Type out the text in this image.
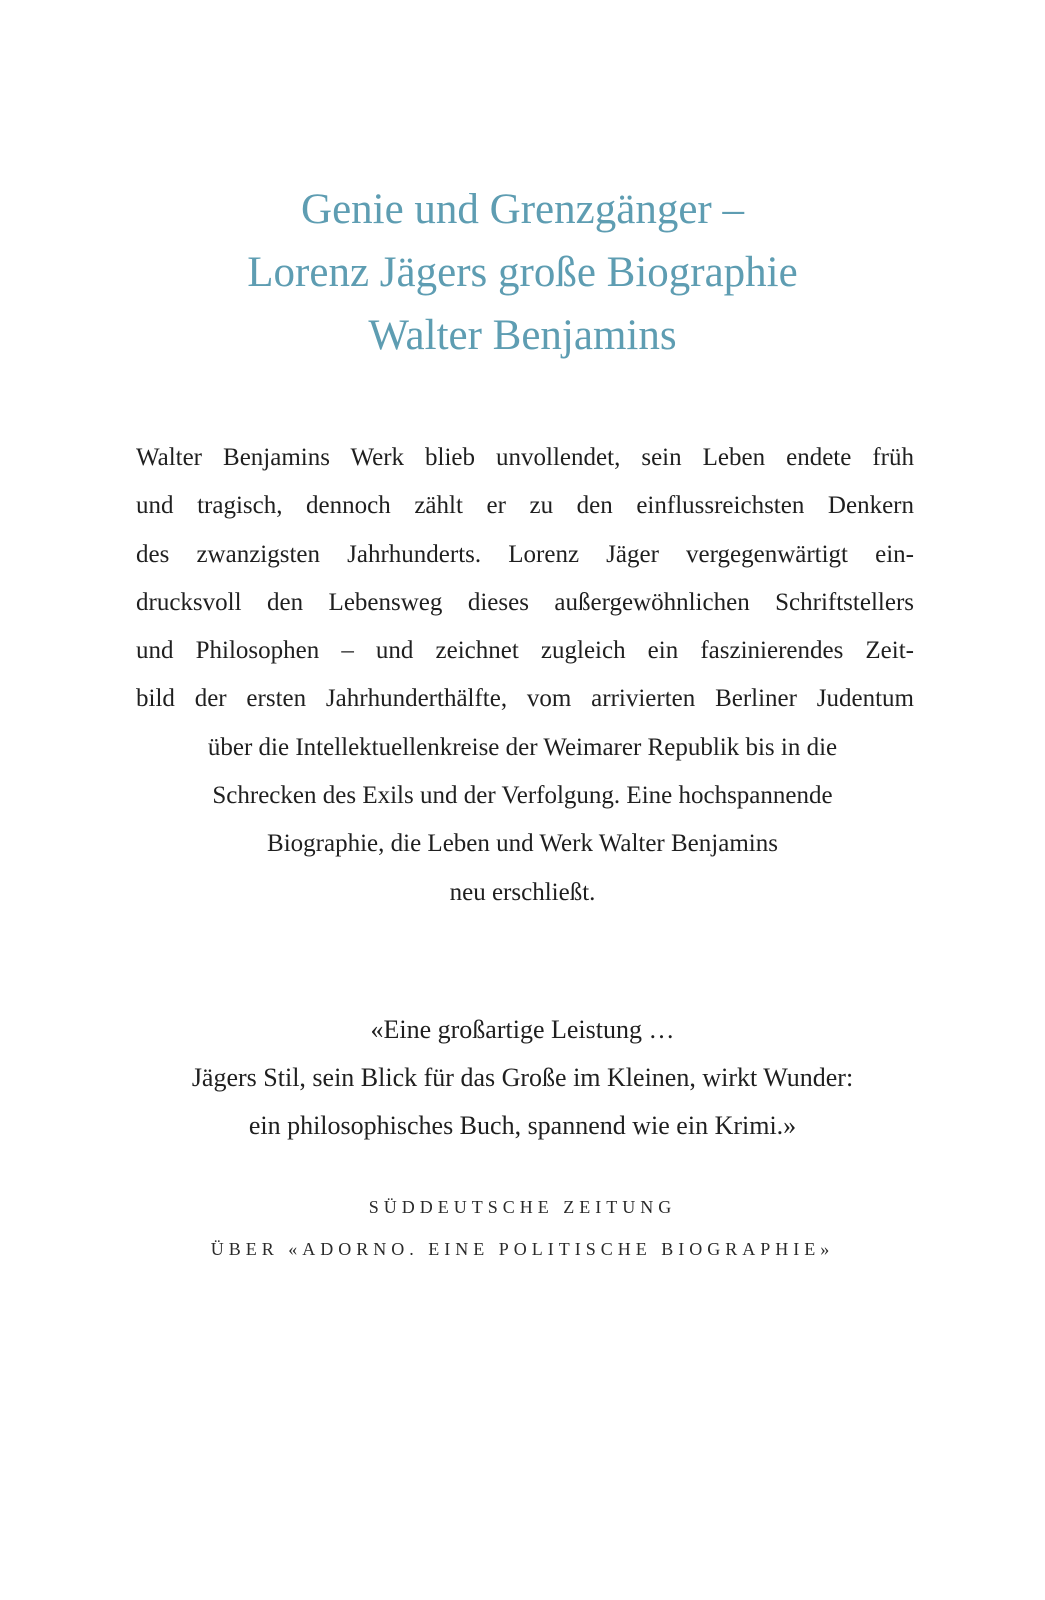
Genie und Grenzgänger –
Lorenz Jägers große Biographie
Walter Benjamins

Walter Benjamins Werk blieb unvollendet, sein Leben endete früh
und tragisch, dennoch zählt er zu den einflussreichsten Denkern
des zwanzigsten Jahrhunderts. Lorenz Jäger vergegenwärtigt ein-
drucksvoll den Lebensweg dieses außergewöhnlichen Schriftstellers
und Philosophen – und zeichnet zugleich ein faszinierendes Zeit-
bild der ersten Jahrhunderthälfte, vom arrivierten Berliner Judentum
über die Intellektuellenkreise der Weimarer Republik bis in die
Schrecken des Exils und der Verfolgung. Eine hochspannende
Biographie, die Leben und Werk Walter Benjamins
neu erschließt.

«Eine großartige Leistung …
Jägers Stil, sein Blick für das Große im Kleinen, wirkt Wunder:
ein philosophisches Buch, spannend wie ein Krimi.»
SÜDDEUTSCHE ZEITUNG
ÜBER «ADORNO. EINE POLITISCHE BIOGRAPHIE»
